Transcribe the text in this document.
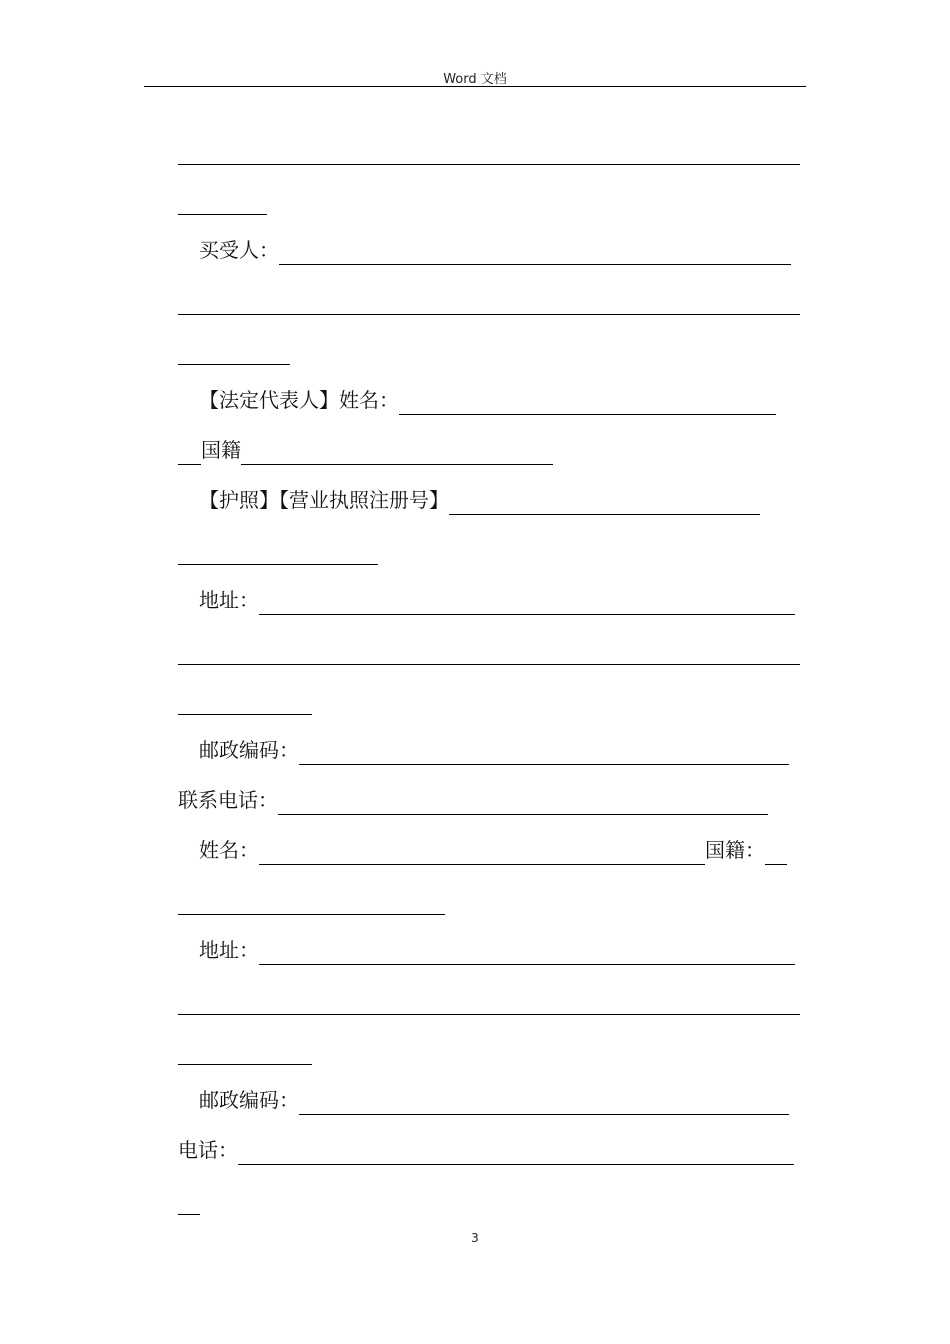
Word 文档
买受人：
【法定代表人】姓名：
国籍
【护照】【营业执照注册号】
地址：
邮政编码：
联系电话：
姓名：	国籍：
地址：
邮政编码：
电话：
3
